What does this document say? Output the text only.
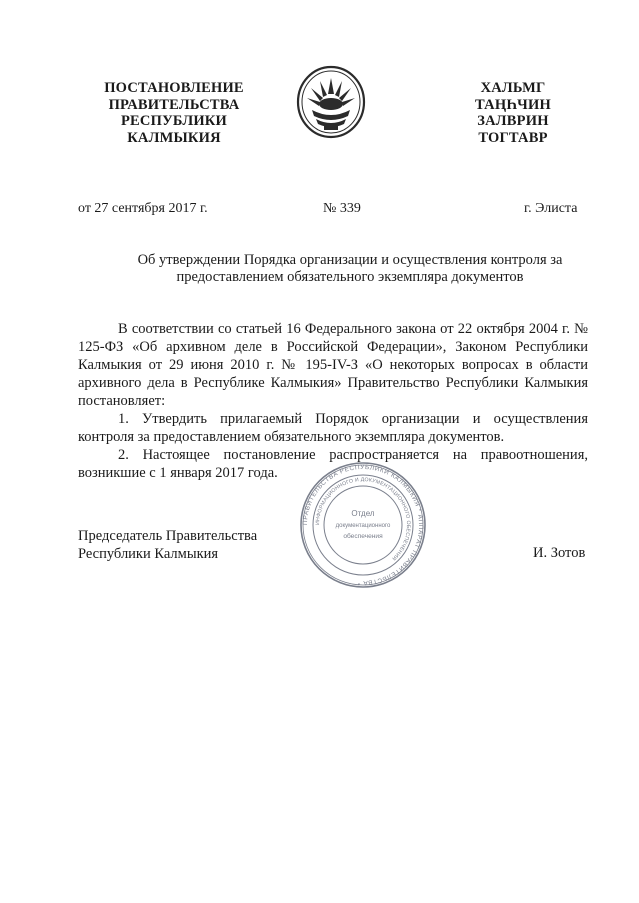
ПОСТАНОВЛЕНИЕ
ПРАВИТЕЛЬСТВА
РЕСПУБЛИКИ
КАЛМЫКИЯ
ХАЛЬМГ
ТАҢҺЧИН
ЗАЛВРИН
ТОГТАВР
от 27 сентября 2017 г.	№ 339	г. Элиста
Об утверждении Порядка организации и осуществления контроля за
предоставлением обязательного экземпляра документов

В соответствии со статьей 16 Федерального закона от 22 октября 2004 г. № 125-ФЗ «Об архивном деле в Российской Федерации», Законом Республики Калмыкия от 29 июня 2010 г. № 195-IV-З «О некоторых вопросах в области архивного дела в Республике Калмыкия» Правительство Республики Калмыкия постановляет:

1. Утвердить прилагаемый Порядок организации и осуществления контроля за предоставлением обязательного экземпляра документов.

2. Настоящее постановление распространяется на правоотношения, возникшие с 1 января 2017 года.

Председатель Правительства
Республики Калмыкия	И. Зотов
ПРАВИТЕЛЬСТВА РЕСПУБЛИКИ КАЛМЫКИЯ * АППАРАТ ПРАВИТЕЛЬСТВА *
ИНФОРМАЦИОННОГО И ДОКУМЕНТАЦИОННОГО ОБЕСПЕЧЕНИЯ
Отдел
документационного
обеспечения
